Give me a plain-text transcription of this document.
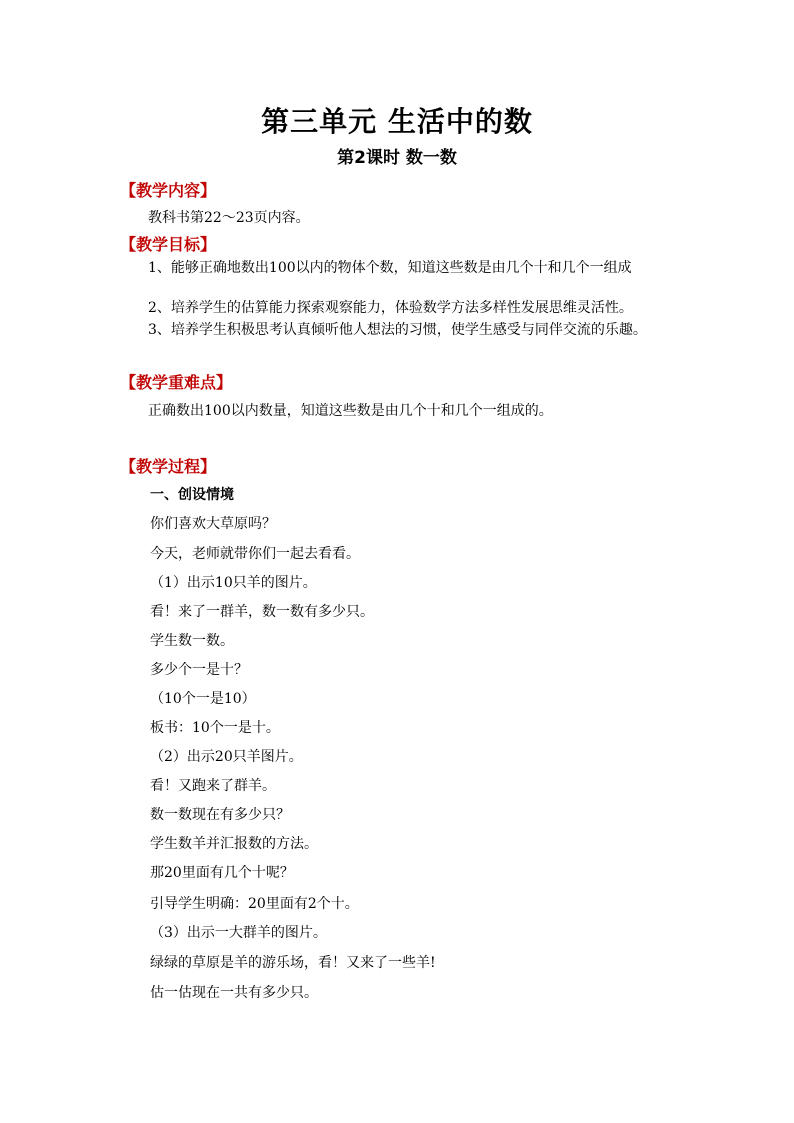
第三单元 生活中的数
第2课时 数一数
【教学内容】
教科书第22～23页内容。
【教学目标】
1、能够正确地数出100以内的物体个数，知道这些数是由几个十和几个一组成
2、培养学生的估算能力探索观察能力，体验数学方法多样性发展思维灵活性。
3、培养学生积极思考认真倾听他人想法的习惯，使学生感受与同伴交流的乐趣。
【教学重难点】
正确数出100以内数量，知道这些数是由几个十和几个一组成的。
【教学过程】
一、创设情境
你们喜欢大草原吗？
今天，老师就带你们一起去看看。
（1）出示10只羊的图片。
看！来了一群羊，数一数有多少只。
学生数一数。
多少个一是十？
（10个一是10）
板书：10个一是十。
（2）出示20只羊图片。
看！又跑来了群羊。
数一数现在有多少只？
学生数羊并汇报数的方法。
那20里面有几个十呢？
引导学生明确：20里面有2个十。
（3）出示一大群羊的图片。
绿绿的草原是羊的游乐场，看！又来了一些羊!
估一估现在一共有多少只。
